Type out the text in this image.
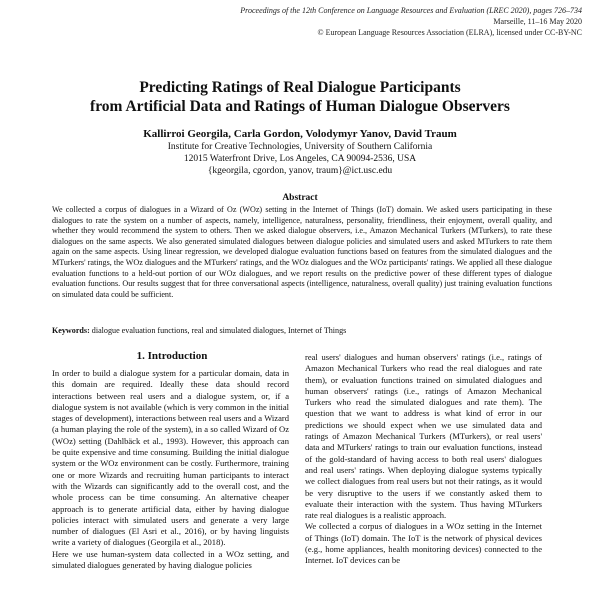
Proceedings of the 12th Conference on Language Resources and Evaluation (LREC 2020), pages 726–734
Marseille, 11–16 May 2020
© European Language Resources Association (ELRA), licensed under CC-BY-NC
Predicting Ratings of Real Dialogue Participants
from Artificial Data and Ratings of Human Dialogue Observers
Kallirroi Georgila, Carla Gordon, Volodymyr Yanov, David Traum
Institute for Creative Technologies, University of Southern California
12015 Waterfront Drive, Los Angeles, CA 90094-2536, USA
{kgeorgila, cgordon, yanov, traum}@ict.usc.edu
Abstract
We collected a corpus of dialogues in a Wizard of Oz (WOz) setting in the Internet of Things (IoT) domain. We asked users participating in these dialogues to rate the system on a number of aspects, namely, intelligence, naturalness, personality, friendliness, their enjoyment, overall quality, and whether they would recommend the system to others. Then we asked dialogue observers, i.e., Amazon Mechanical Turkers (MTurkers), to rate these dialogues on the same aspects. We also generated simulated dialogues between dialogue policies and simulated users and asked MTurkers to rate them again on the same aspects. Using linear regression, we developed dialogue evaluation functions based on features from the simulated dialogues and the MTurkers' ratings, the WOz dialogues and the MTurkers' ratings, and the WOz dialogues and the WOz participants' ratings. We applied all these dialogue evaluation functions to a held-out portion of our WOz dialogues, and we report results on the predictive power of these different types of dialogue evaluation functions. Our results suggest that for three conversational aspects (intelligence, naturalness, overall quality) just training evaluation functions on simulated data could be sufficient.
Keywords: dialogue evaluation functions, real and simulated dialogues, Internet of Things
1. Introduction

In order to build a dialogue system for a particular domain, data in this domain are required. Ideally these data should record interactions between real users and a dialogue system, or, if a dialogue system is not available (which is very common in the initial stages of development), interactions between real users and a Wizard (a human playing the role of the system), in a so called Wizard of Oz (WOz) setting (Dahlbäck et al., 1993). However, this approach can be quite expensive and time consuming. Building the initial dialogue system or the WOz environment can be costly. Furthermore, training one or more Wizards and recruiting human participants to interact with the Wizards can significantly add to the overall cost, and the whole process can be time consuming. An alternative cheaper approach is to generate artificial data, either by having dialogue policies interact with simulated users and generate a very large number of dialogues (El Asri et al., 2016), or by having linguists write a variety of dialogues (Georgila et al., 2018).

Here we use human-system data collected in a WOz setting, and simulated dialogues generated by having dialogue policies

real users' dialogues and human observers' ratings (i.e., ratings of Amazon Mechanical Turkers who read the real dialogues and rate them), or evaluation functions trained on simulated dialogues and human observers' ratings (i.e., ratings of Amazon Mechanical Turkers who read the simulated dialogues and rate them). The question that we want to address is what kind of error in our predictions we should expect when we use simulated data and ratings of Amazon Mechanical Turkers (MTurkers), or real users' data and MTurkers' ratings to train our evaluation functions, instead of the gold-standard of having access to both real users' dialogues and real users' ratings. When deploying dialogue systems typically we collect dialogues from real users but not their ratings, as it would be very disruptive to the users if we constantly asked them to evaluate their interaction with the system. Thus having MTurkers rate real dialogues is a realistic approach.

We collected a corpus of dialogues in a WOz setting in the Internet of Things (IoT) domain. The IoT is the network of physical devices (e.g., home appliances, health monitoring devices) connected to the Internet. IoT devices can be
